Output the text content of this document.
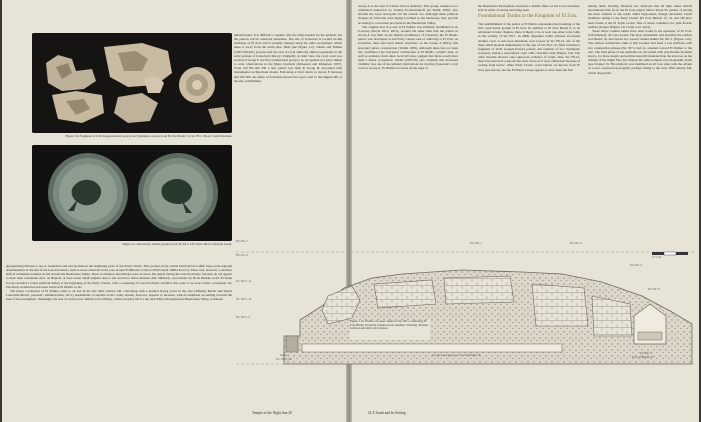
Figure 1.8. Fragments of Uxbi Gouged-Incised pottery and Syndaplex escarpol from El Zotz Burial 1 in Str. F8-1. Photos: Sarah Newman.
Figure 1.9. Jade mosaic earflare plaques from Str. F8-2 at El Tejón. Photo: Nicholas Carter.

uninterrupted. It is difficult to explain why the elites headed for the uplands, but the pattern can be observed elsewhere. The site of Uaxactun is located 24 km northeast of El Zotz and is actually situated along the same escarpment, which takes it away from the north near Tikal (see Figure 1.2). Valdés and Fahsen (1995:199-201) propose that the seat of royal authority shifted repeatedly in the early periods of Uaxactun's history. Originally, in their view, the royal court was located at Group E, the first architectural group to be recognized as a place linked to solar observations in the Maya lowlands (Ricketson and Ricketson 1937). From 150 BC-AD 250 a new palace was built in Group H, decorated with monumental architectural masks. Following a brief return to Group E between AD 250-300, the elites of Uaxactun moved the royal court to the highest hill of the site, establishing

appropriating hilltops to use as residences and necropolises in the beginning years of the Early Classic. This portion of the central Petén did not suffer large-scale regional abandonments at the end of the Late Preclassic, such as those observed in the area around El Mirador to the north (Forsyth 1989:129-131). There was, however, a decisive shift in settlement patterns in and around the Buenavista Valley. There is evidence that hilltops were in use in the region during the Late Preclassic, but they do not appear to have been residential sites. At Bejucal, at least seven small temples date to the second to third centuries AD. Similarly, excavations by Boris Beltrán at the El Tejón Group revealed a round platform dating to the beginning of the Early Classic, with a scattering of Late Preclassic ceramics that point to an even earlier occupation. No Preclassic architecture has been found at El Diablo so far.

The major occupation of El Palmar came to an end in the late third century AD, coinciding with a marked drying event in the area (Timothy Beach and Sheryl Luzzadder-Beach, personal communication, 2011). Residential occupation in the valley shrank, however, appears to increase, with an emphasis on settling towards the base of the escarpment. Seemingly, the seat of royal power shifted to the hilltops, while everyday life for the rural Maya throughout the Buenavista Valley continued

Temple of the Night Sun 20

Group A as the seat of Classic Period authority. This group, rendered as a celebrated numerical by Tatiana Proskouriakoff (in Smith 1950), also became the royal necropolis for the Classic era. Although these political changes in Uaxactun were highly localized in the landscape, they provide an analog to concurrent processes in the Buenavista Valley.

The original seat of power at El Palmar was similarly established at an E-Group (Doyle 2012, 2013). Around the same time that the palace in Group A was built on the highest prominence of Uaxactun, the El Diablo palace was developed as the Early Classic seat of authority at El Zotz. At Uaxactun, there had been manic structures on the Group A hilltop that preceded palace construction (Valdés 1995). Although there has not been any confirmed Late Preclassic architecture at El Diablo, ceramic data, as well as evidence from other local hill sites, suggest that there would have been a minor occupation. Valdés (1995:50) also contends that increased visibility was one of the primary motivations for moving Uaxactun's royal court to Group A. El Diablo's location on the edge of

the Buenavista Escarpment exercised a similar effect on the local viewshed, both in terms of seeing and being seen.

Foundational Tombs in the Kingdom of El Zotz

The establishment of the palace at El Diablo represented the founding of the first royal burial ground at El Zotz. In addition to El Zotz Burial 9, to be addressed in later chapters, there is likely to be at least one other royal tomb in the vicinity of Str. F8-1. In 2008, Alejandro Gillot Vassaux excavated another royal or sub-royal interment, now looted, in Str. F8-14, one of the three small mounds immediately to the east of Str. F8-1; its finds included a fragment of Uxbi Gouged-Incised pottery and remains of two Syndaplex escarpols, inside a red-painted crypt with corbelled vault (Figure 1.8). The other mounds showed only equivocal evidence of crypts. One, Str. F8-12, may have had such a deposit but clear traces of it were obliterated because of looting from below. Other Early Classic royal burials are known from El Zotz (see below), but the El Diablo Group appears to have been the first

among them. Notably, Houston has observed that all high status burials encountered thus far in the El Zotz region follow Royal 9's pattern of having the head oriented to the north. Other high-status, though unvaulted, burial chambers dating to the Early Classic (El Zotz Burials 13, 14, and 18) have been found at the El Tejón Group. One of these contained two jade mosaic earflare plaques (Figure 1.9; Carter et al. 2012).

Three major vaulted tombs have been found in the epicenter of El Zotz. Unfortunately, all were looted. The most substantial, and probably the earliest was Burial 16, discovered in a looters' tunnel behind Str. M7-1 (Figure 1.10). The earliest architecture built at this location had been a low platform with two construction phases (Str. M7-1-Sub.1), oriented toward El Palmar to the east. The final phase of the platform was decorated with polychrome modeled stucco, for more deeply and architectonically modeled than the stuccoes on the Temple of the Night Sun, but without the same richness in iconographic detail (see Chapter 9). The platform was mutilated on all four sides with the advent of a new construction program, perhaps dating to the early fifth century AD, which obeyed the

21 A Tomb and Its Setting
EZ 23C-1
EZ 23C-2
Str. M7-1-1a
Str. M7-1-1b
Str. M7-1-2
Mask 1
Str. M7-1-4a
EZ 23C-1	EZ 23C-3
EZ 23C-4
EZ 23C-F
EZ 23C-5
El Zotz Burial 16
Access passageway to El Zotz Burial 16
0 1 2 m
Figure 1.10. Profile of looters' tunnel in Str. M7-1, indicating El Zotz Burial 16 and its vaulted access chamber. Drawing: Thomas Garrison and Alyce de Carteret.
